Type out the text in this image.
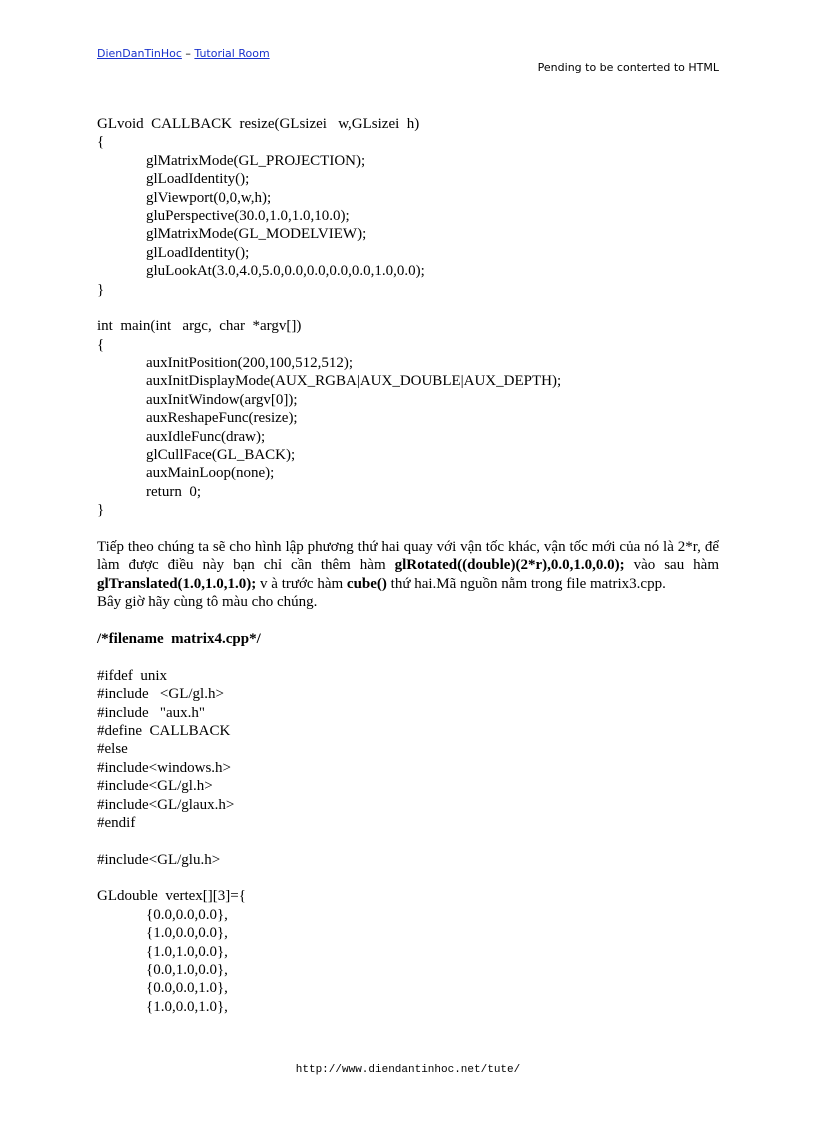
DienDanTinHoc – Tutorial Room
Pending to be conterted to HTML
GLvoid  CALLBACK  resize(GLsizei   w,GLsizei  h)
{
glMatrixMode(GL_PROJECTION);
glLoadIdentity();
glViewport(0,0,w,h);
gluPerspective(30.0,1.0,1.0,10.0);
glMatrixMode(GL_MODELVIEW);
glLoadIdentity();
gluLookAt(3.0,4.0,5.0,0.0,0.0,0.0,0.0,1.0,0.0);
}
int  main(int   argc,  char  *argv[])
{
auxInitPosition(200,100,512,512);
auxInitDisplayMode(AUX_RGBA|AUX_DOUBLE|AUX_DEPTH);
auxInitWindow(argv[0]);
auxReshapeFunc(resize);
auxIdleFunc(draw);
glCullFace(GL_BACK);
auxMainLoop(none);
return  0;
}
Tiếp theo chúng ta sẽ cho hình lập phương thứ hai quay với vận tốc khác, vận tốc mới của nó là 2*r, để làm được điều này bạn chỉ cần thêm hàm glRotated((double)(2*r),0.0,1.0,0.0); vào sau hàm glTranslated(1.0,1.0,1.0); v à trước hàm cube() thứ hai.Mã nguồn nằm trong file matrix3.cpp.
Bây giờ hãy cùng tô màu cho chúng.
/*filename  matrix4.cpp*/
#ifdef  unix
#include   <GL/gl.h>
#include   "aux.h"
#define  CALLBACK
#else
#include<windows.h>
#include<GL/gl.h>
#include<GL/glaux.h>
#endif
#include<GL/glu.h>
GLdouble  vertex[][3]={
{0.0,0.0,0.0},
{1.0,0.0,0.0},
{1.0,1.0,0.0},
{0.0,1.0,0.0},
{0.0,0.0,1.0},
{1.0,0.0,1.0},
http://www.diendantinhoc.net/tute/
